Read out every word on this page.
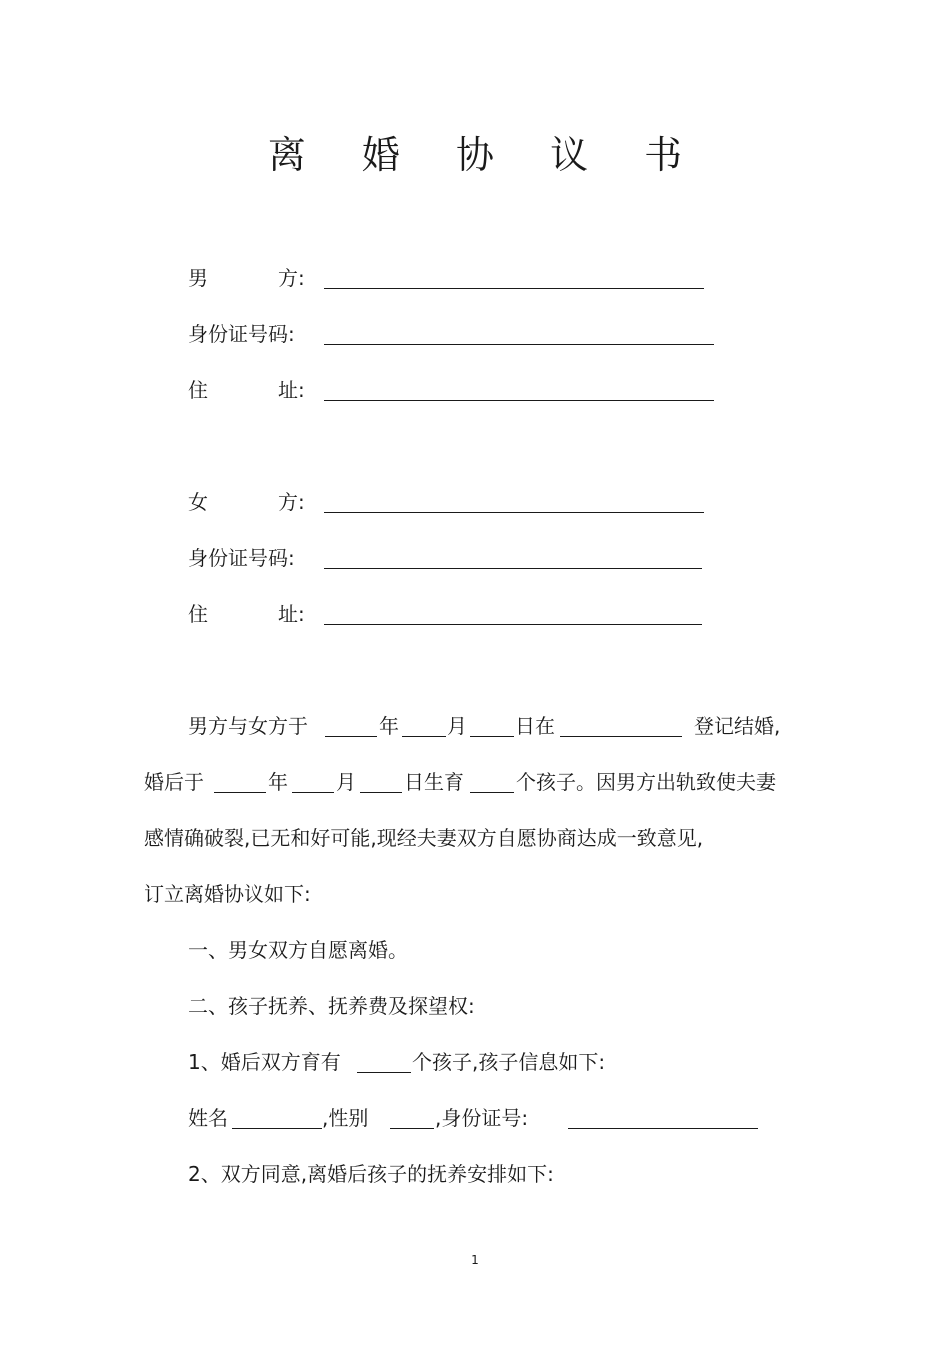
离 婚 协 议 书
男	方:
身份证号码:
住	址:
女	方:
身份证号码:
住	址:
男方与女方于	年 月 日在	登记结婚,
婚后于	年 月 日生育	个孩子。因男方出轨致使夫妻
感情确破裂,已无和好可能,现经夫妻双方自愿协商达成一致意见,
订立离婚协议如下:
一、男女双方自愿离婚。
二、孩子抚养、抚养费及探望权:
1、婚后双方育有	个孩子,孩子信息如下:
姓名	,性别	,身份证号:
2、双方同意,离婚后孩子的抚养安排如下:
1
